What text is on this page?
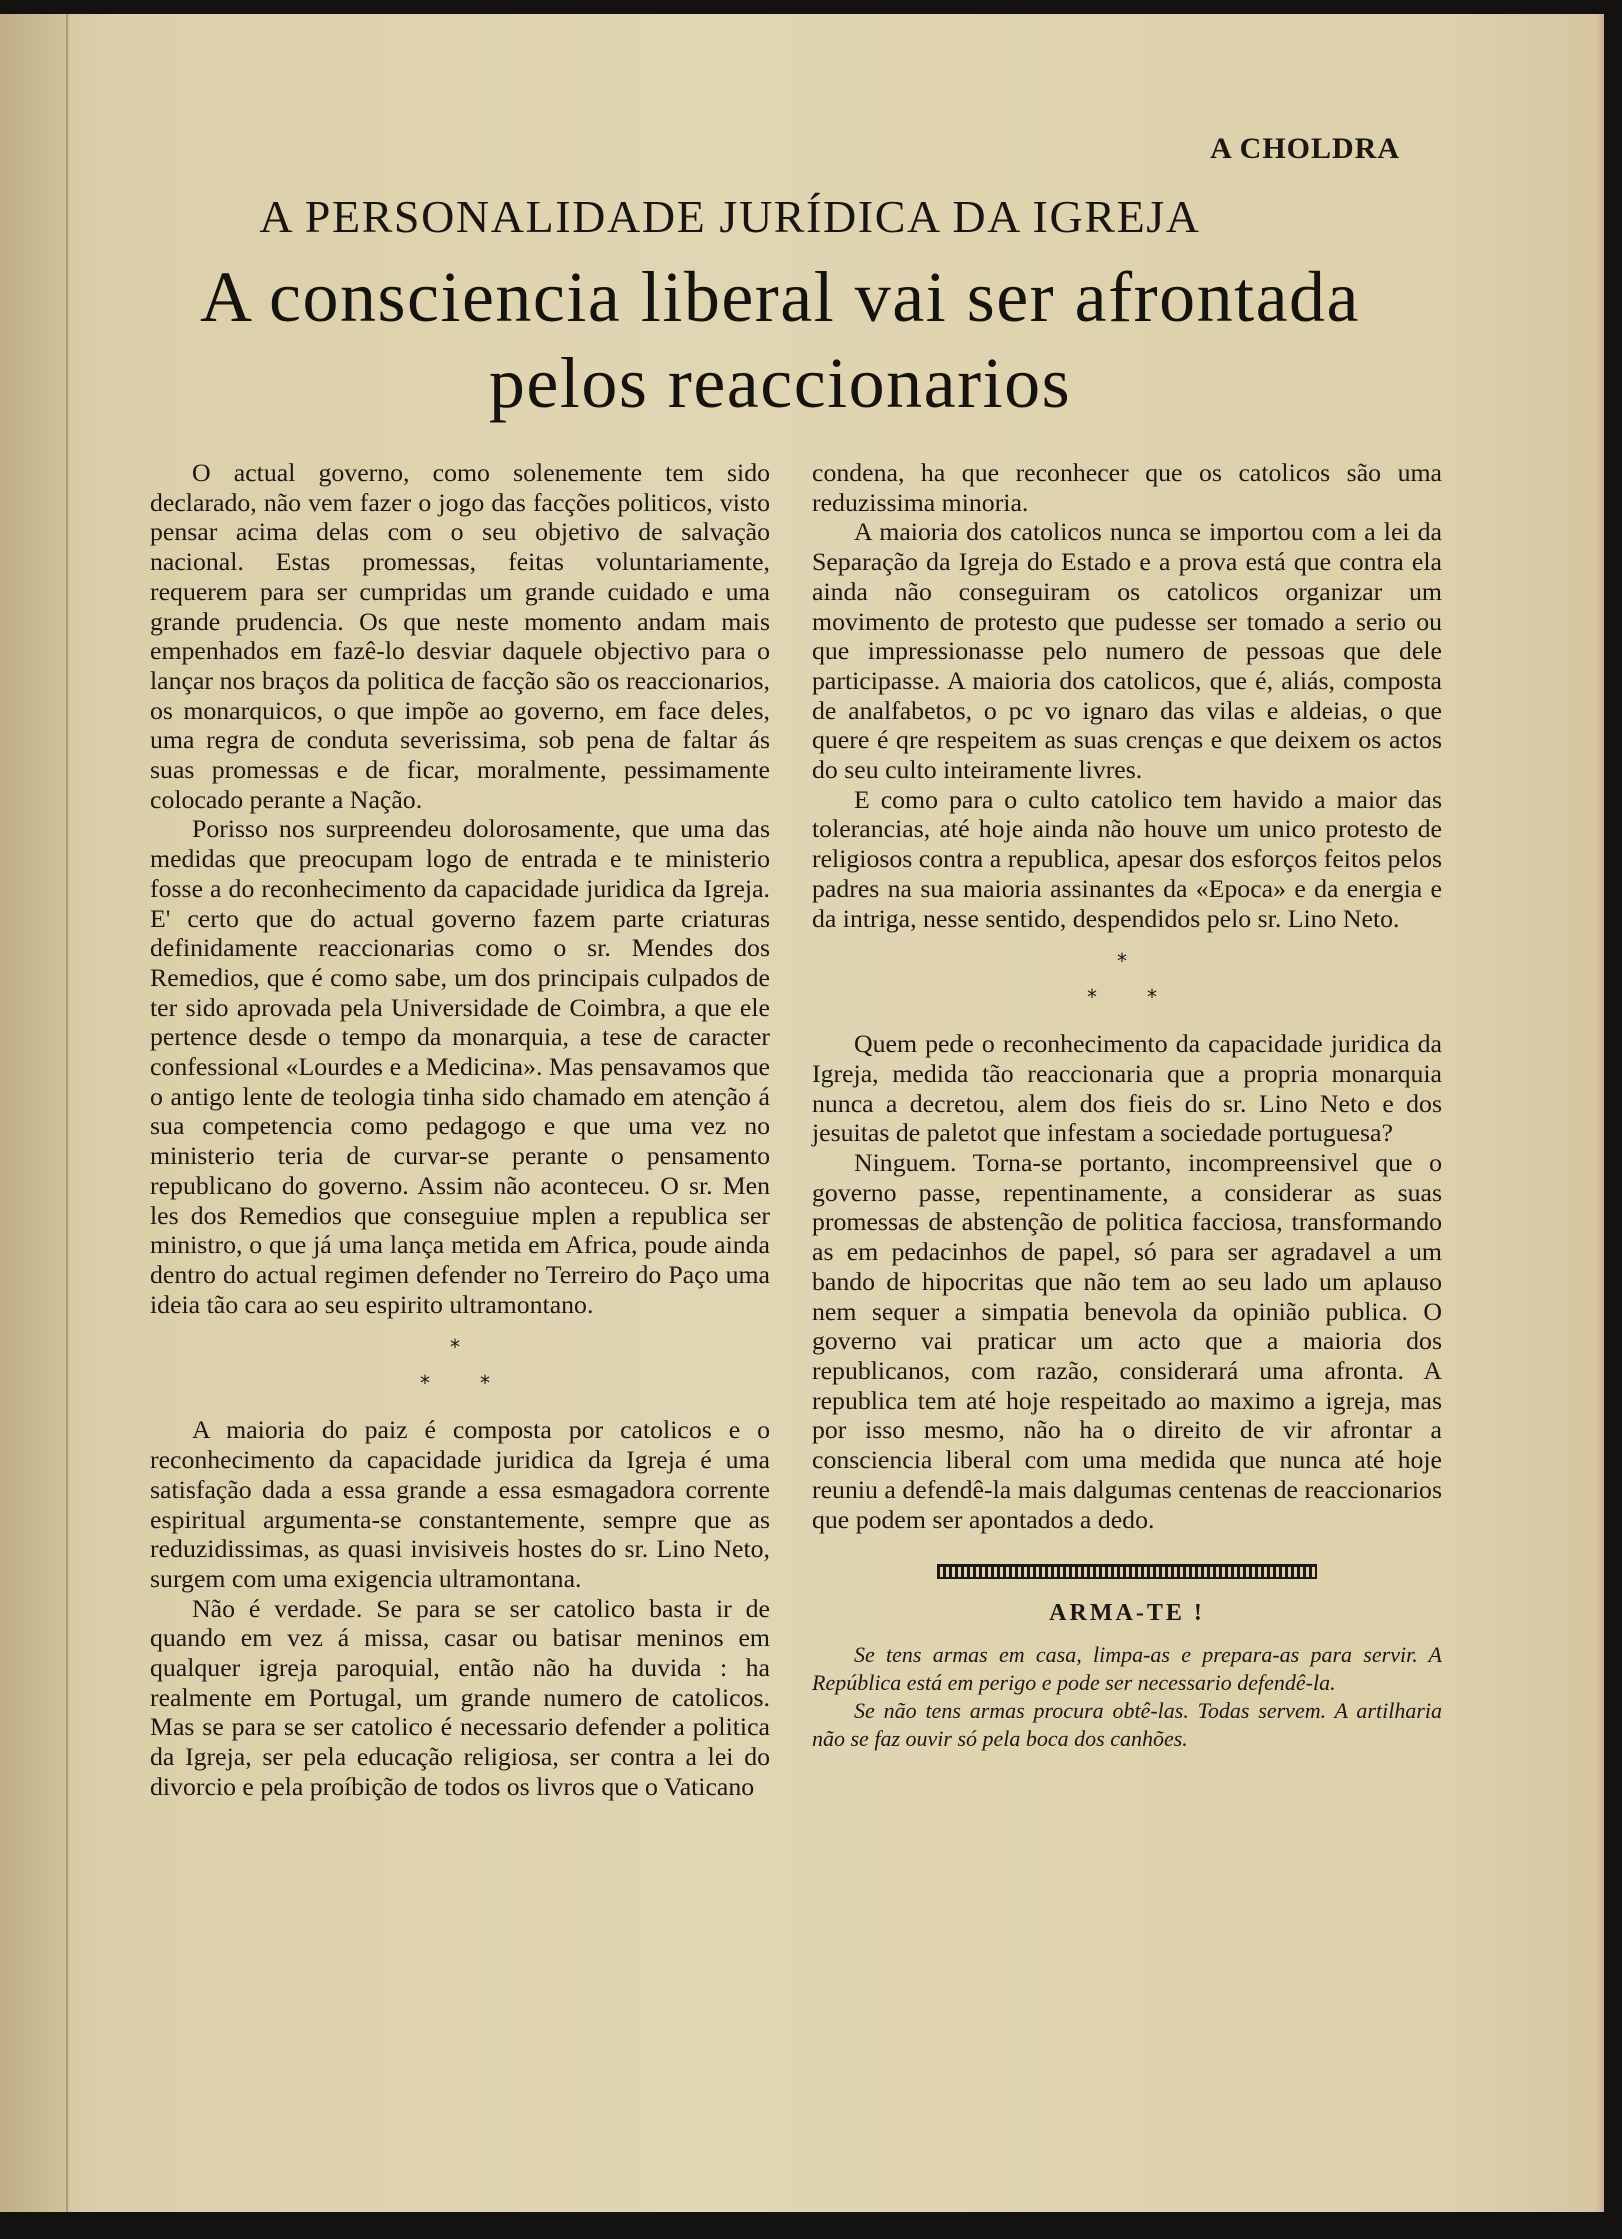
A CHOLDRA
A PERSONALIDADE JURÍDICA DA IGREJA
A consciencia liberal vai ser afrontada
pelos reaccionarios

O actual governo, como solenemente tem sido declarado, não vem fazer o jogo das facções politicos, visto pensar acima delas com o seu objetivo de salvação nacional. Estas promessas, feitas voluntariamente, requerem para ser cumpridas um grande cuidado e uma grande prudencia. Os que neste momento andam mais empenhados em fazê-lo desviar daquele objectivo para o lançar nos braços da politica de facção são os reaccionarios, os monarquicos, o que impõe ao governo, em face deles, uma regra de conduta severissima, sob pena de faltar ás suas promessas e de ficar, moralmente, pessimamente colocado perante a Nação.

Porisso nos surpreendeu dolorosamente, que uma das medidas que preocupam logo de entrada e te ministerio fosse a do reconhecimento da capacidade juridica da Igreja. E' certo que do actual governo fazem parte criaturas definidamente reaccionarias como o sr. Mendes dos Remedios, que é como sabe, um dos principais culpados de ter sido aprovada pela Universidade de Coimbra, a que ele pertence desde o tempo da monarquia, a tese de caracter confessional «Lourdes e a Medicina». Mas pensavamos que o antigo lente de teologia tinha sido chamado em atenção á sua competencia como pedagogo e que uma vez no ministerio teria de curvar-se perante o pensamento republicano do governo. Assim não aconteceu. O sr. Men les dos Remedios que conseguiue mplen a republica ser ministro, o que já uma lança metida em Africa, poude ainda dentro do actual regimen defender no Terreiro do Paço uma ideia tão cara ao seu espirito ultramontano.

*
*	*

A maioria do paiz é composta por catolicos e o reconhecimento da capacidade juridica da Igreja é uma satisfação dada a essa grande a essa esmagadora corrente espiritual argumenta-se constantemente, sempre que as reduzidissimas, as quasi invisiveis hostes do sr. Lino Neto, surgem com uma exigencia ultramontana.

Não é verdade. Se para se ser catolico basta ir de quando em vez á missa, casar ou batisar meninos em qualquer igreja paroquial, então não ha duvida : ha realmente em Portugal, um grande numero de catolicos. Mas se para se ser catolico é necessario defender a politica da Igreja, ser pela educação religiosa, ser contra a lei do divorcio e pela proíbição de todos os livros que o Vaticano

condena, ha que reconhecer que os catolicos são uma reduzissima minoria.

A maioria dos catolicos nunca se importou com a lei da Separação da Igreja do Estado e a prova está que contra ela ainda não conseguiram os catolicos organizar um movimento de protesto que pudesse ser tomado a serio ou que impressionasse pelo numero de pessoas que dele participasse. A maioria dos catolicos, que é, aliás, composta de analfabetos, o pc vo ignaro das vilas e aldeias, o que quere é qre respeitem as suas crenças e que deixem os actos do seu culto inteiramente livres.

E como para o culto catolico tem havido a maior das tolerancias, até hoje ainda não houve um unico protesto de religiosos contra a republica, apesar dos esforços feitos pelos padres na sua maioria assinantes da «Epoca» e da energia e da intriga, nesse sentido, despendidos pelo sr. Lino Neto.

*
*	*

Quem pede o reconhecimento da capacidade juridica da Igreja, medida tão reaccionaria que a propria monarquia nunca a decretou, alem dos fieis do sr. Lino Neto e dos jesuitas de paletot que infestam a sociedade portuguesa?

Ninguem. Torna-se portanto, incompreensivel que o governo passe, repentinamente, a considerar as suas promessas de abstenção de politica facciosa, transformando as em pedacinhos de papel, só para ser agradavel a um bando de hipocritas que não tem ao seu lado um aplauso nem sequer a simpatia benevola da opinião publica. O governo vai praticar um acto que a maioria dos republicanos, com razão, considerará uma afronta. A republica tem até hoje respeitado ao maximo a igreja, mas por isso mesmo, não ha o direito de vir afrontar a consciencia liberal com uma medida que nunca até hoje reuniu a defendê-la mais dalgumas centenas de reaccionarios que podem ser apontados a dedo.

ARMA-TE !

Se tens armas em casa, limpa-as e prepara-as para servir. A República está em perigo e pode ser necessario defendê-la.

Se não tens armas procura obtê-las. Todas servem. A artilharia não se faz ouvir só pela boca dos canhões.
